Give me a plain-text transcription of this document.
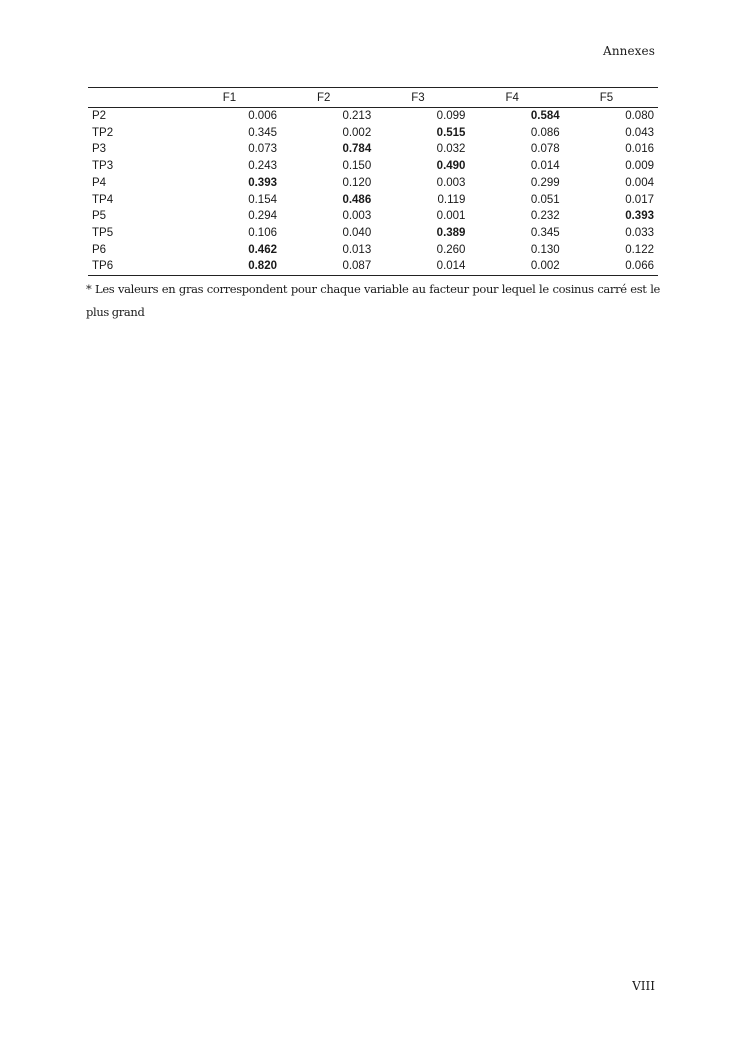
Annexes
	F1	F2	F3	F4	F5
P2	0.006	0.213	0.099	0.584	0.080
TP2	0.345	0.002	0.515	0.086	0.043
P3	0.073	0.784	0.032	0.078	0.016
TP3	0.243	0.150	0.490	0.014	0.009
P4	0.393	0.120	0.003	0.299	0.004
TP4	0.154	0.486	0.119	0.051	0.017
P5	0.294	0.003	0.001	0.232	0.393
TP5	0.106	0.040	0.389	0.345	0.033
P6	0.462	0.013	0.260	0.130	0.122
TP6	0.820	0.087	0.014	0.002	0.066
* Les valeurs en gras correspondent pour chaque variable au facteur pour lequel le cosinus carré est le plus grand
VIII
